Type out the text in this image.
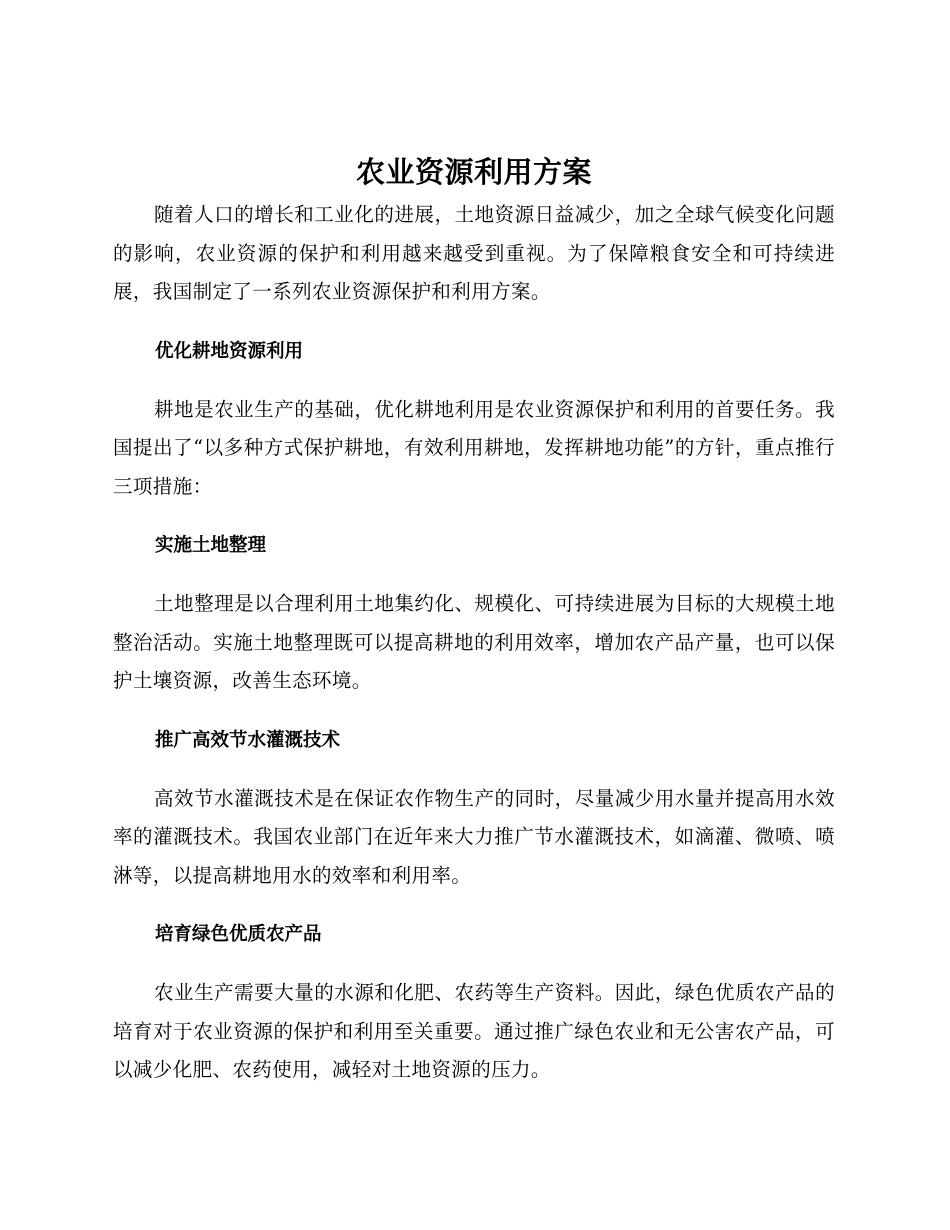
农业资源利用方案

随着人口的增长和工业化的进展，土地资源日益减少，加之全球气候变化问题的影响，农业资源的保护和利用越来越受到重视。为了保障粮食安全和可持续进展，我国制定了一系列农业资源保护和利用方案。

优化耕地资源利用

耕地是农业生产的基础，优化耕地利用是农业资源保护和利用的首要任务。我国提出了“以多种方式保护耕地，有效利用耕地，发挥耕地功能”的方针，重点推行三项措施：

实施土地整理

土地整理是以合理利用土地集约化、规模化、可持续进展为目标的大规模土地整治活动。实施土地整理既可以提高耕地的利用效率，增加农产品产量，也可以保护土壤资源，改善生态环境。

推广高效节水灌溉技术

高效节水灌溉技术是在保证农作物生产的同时，尽量减少用水量并提高用水效率的灌溉技术。我国农业部门在近年来大力推广节水灌溉技术，如滴灌、微喷、喷淋等，以提高耕地用水的效率和利用率。

培育绿色优质农产品

农业生产需要大量的水源和化肥、农药等生产资料。因此，绿色优质农产品的培育对于农业资源的保护和利用至关重要。通过推广绿色农业和无公害农产品，可以减少化肥、农药使用，减轻对土地资源的压力。
